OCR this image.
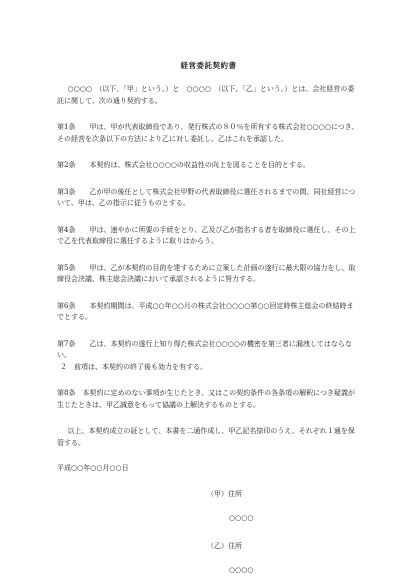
経営委託契約書

○○○○　（以下、「甲」という。）と　○○○○　（以下、「乙」という。）とは、会社経営の委託に関して、次の通り契約する。

第1条　　甲は、甲が代表取締役であり、発行株式の８０％を所有する株式会社○○○○につき、その経営を次条以下の方法により乙に対し委託し、乙はこれを承認した。

第2条　　本契約は、株式会社○○○○の収益性の向上を図ることを目的とする。

第3条　　乙が甲の後任として株式会社甲野の代表取締役に選任されるまでの間、同社経営について、甲は、乙の指示に従うものとする。

第4条　　甲は、速やかに所要の手続をとり、乙及び乙が指名する者を取締役に選任し、その上で乙を代表取締役に選任するように取りはからう。

第5条　　甲は、乙が本契約の目的を達するために立案した計画の遂行に最大限の協力をし、取締役会決議、株主総会決議において承認されるように努力する。

第6条　　本契約期間は、平成○○年○○月の株式会社○○○○第○○回定時株主総会の終結時までとする。

第7条　　乙は、本契約の遂行上知り得た株式会社○○○○の機密を第三者に漏洩してはならない。

２　前項は、本契約の終了後も効力を有する。

第8条　本契約に定めのない事項が生じたとき、又はこの契約条件の各条項の解釈につき疑義が生じたときは、甲乙誠意をもって協議の上解決するものとする。

以上、本契約成立の証として、本書を二通作成し、甲乙記名捺印のうえ、それぞれ１通を保管する。

平成○○年○○月○○日

（甲）住所
○○○○
（乙）住所
○○○○
